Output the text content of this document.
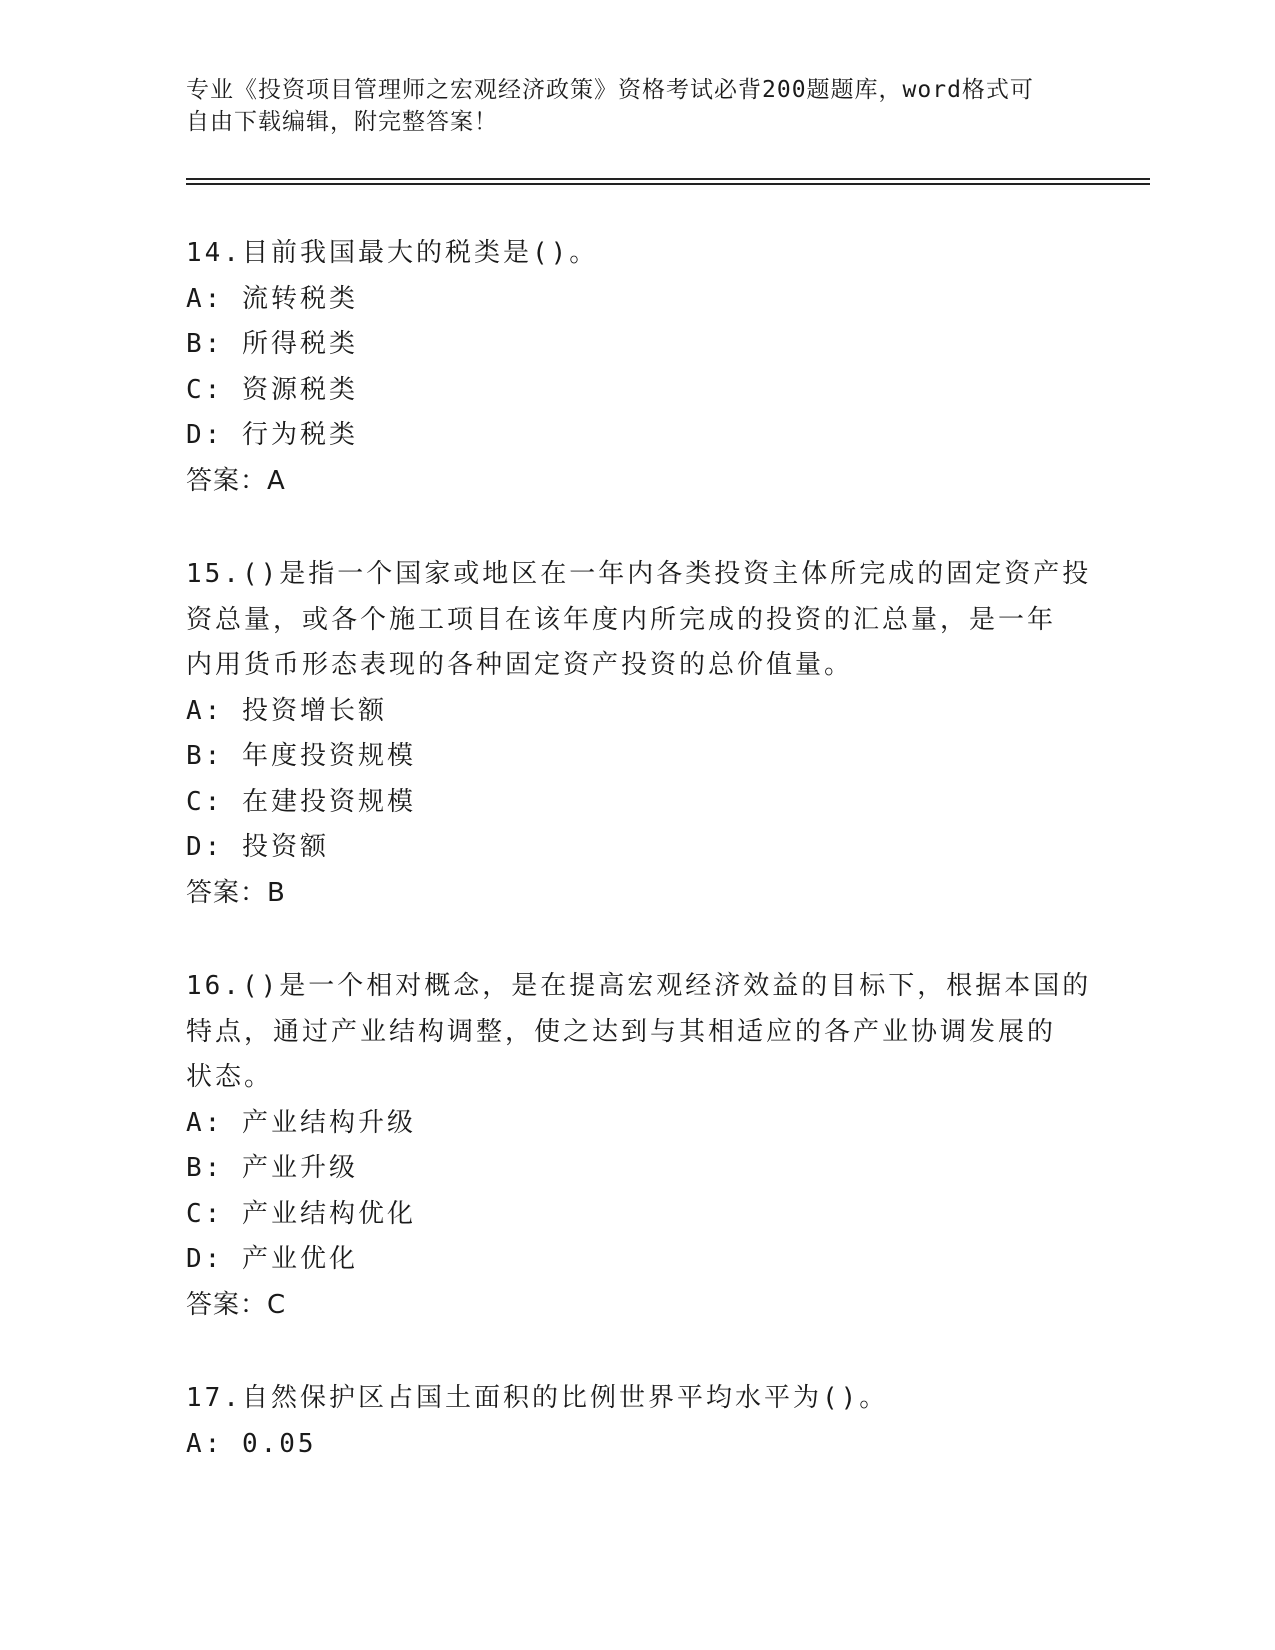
专业《投资项目管理师之宏观经济政策》资格考试必背200题题库，word格式可
自由下载编辑，附完整答案！
14.目前我国最大的税类是()。
A: 流转税类
B: 所得税类
C: 资源税类
D: 行为税类
答案：A
15.()是指一个国家或地区在一年内各类投资主体所完成的固定资产投
资总量，或各个施工项目在该年度内所完成的投资的汇总量，是一年
内用货币形态表现的各种固定资产投资的总价值量。
A: 投资增长额
B: 年度投资规模
C: 在建投资规模
D: 投资额
答案：B
16.()是一个相对概念，是在提高宏观经济效益的目标下，根据本国的
特点，通过产业结构调整，使之达到与其相适应的各产业协调发展的
状态。
A: 产业结构升级
B: 产业升级
C: 产业结构优化
D: 产业优化
答案：C
17.自然保护区占国土面积的比例世界平均水平为()。
A: 0.05
